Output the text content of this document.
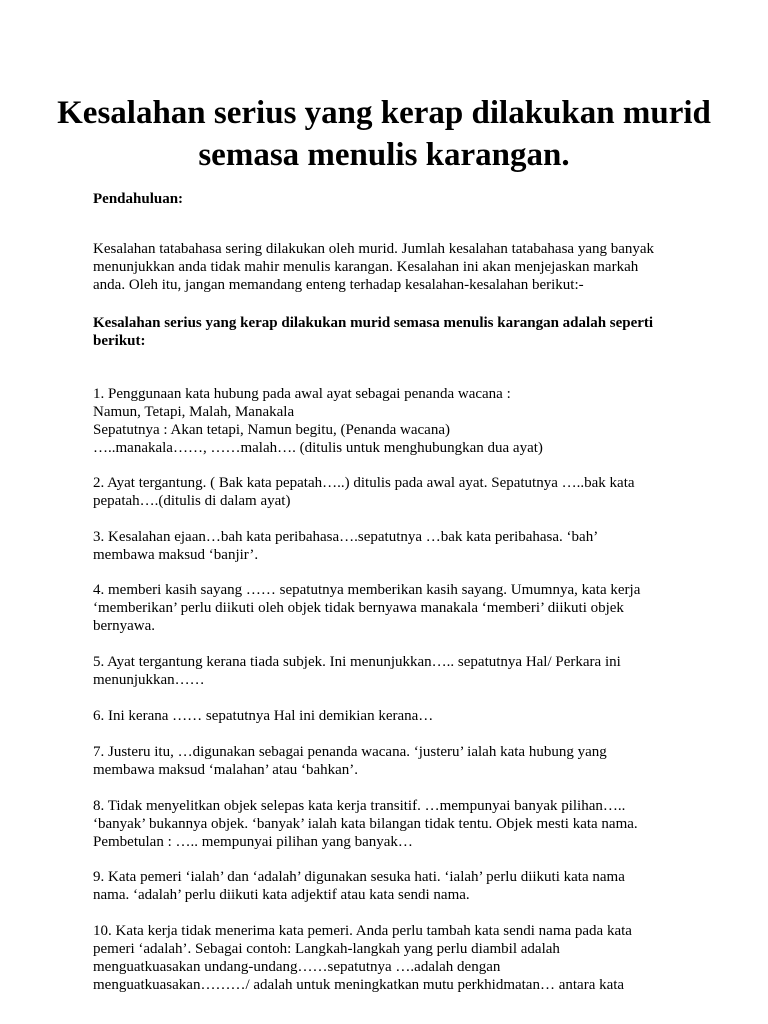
Kesalahan serius yang kerap dilakukan murid semasa menulis karangan.

Pendahuluan:

Kesalahan tatabahasa sering dilakukan oleh murid. Jumlah kesalahan tatabahasa yang banyak
menunjukkan anda tidak mahir menulis karangan. Kesalahan ini akan menjejaskan markah
anda. Oleh itu, jangan memandang enteng terhadap kesalahan-kesalahan berikut:-

Kesalahan serius yang kerap dilakukan murid semasa menulis karangan adalah seperti
berikut:

1. Penggunaan kata hubung pada awal ayat sebagai penanda wacana :
Namun, Tetapi, Malah, Manakala
Sepatutnya : Akan tetapi, Namun begitu, (Penanda wacana)
…..manakala……, ……malah…. (ditulis untuk menghubungkan dua ayat)

2. Ayat tergantung. ( Bak kata pepatah…..) ditulis pada awal ayat. Sepatutnya …..bak kata
pepatah….(ditulis di dalam ayat)

3. Kesalahan ejaan…bah kata peribahasa….sepatutnya …bak kata peribahasa. ‘bah’
membawa maksud ‘banjir’.

4. memberi kasih sayang …… sepatutnya memberikan kasih sayang. Umumnya, kata kerja
‘memberikan’ perlu diikuti oleh objek tidak bernyawa manakala ‘memberi’ diikuti objek
bernyawa.

5. Ayat tergantung kerana tiada subjek. Ini menunjukkan….. sepatutnya Hal/ Perkara ini
menunjukkan……

6. Ini kerana …… sepatutnya Hal ini demikian kerana…

7. Justeru itu, …digunakan sebagai penanda wacana. ‘justeru’ ialah kata hubung yang
membawa maksud ‘malahan’ atau ‘bahkan’.

8. Tidak menyelitkan objek selepas kata kerja transitif. …mempunyai banyak pilihan…..
‘banyak’ bukannya objek. ‘banyak’ ialah kata bilangan tidak tentu. Objek mesti kata nama.
Pembetulan : ….. mempunyai pilihan yang banyak…

9. Kata pemeri ‘ialah’ dan ‘adalah’ digunakan sesuka hati. ‘ialah’ perlu diikuti kata nama
nama. ‘adalah’ perlu diikuti kata adjektif atau kata sendi nama.

10. Kata kerja tidak menerima kata pemeri. Anda perlu tambah kata sendi nama pada kata
pemeri ‘adalah’. Sebagai contoh: Langkah-langkah yang perlu diambil adalah
menguatkuasakan undang-undang……sepatutnya ….adalah dengan
menguatkuasakan………/ adalah untuk meningkatkan mutu perkhidmatan… antara kata
